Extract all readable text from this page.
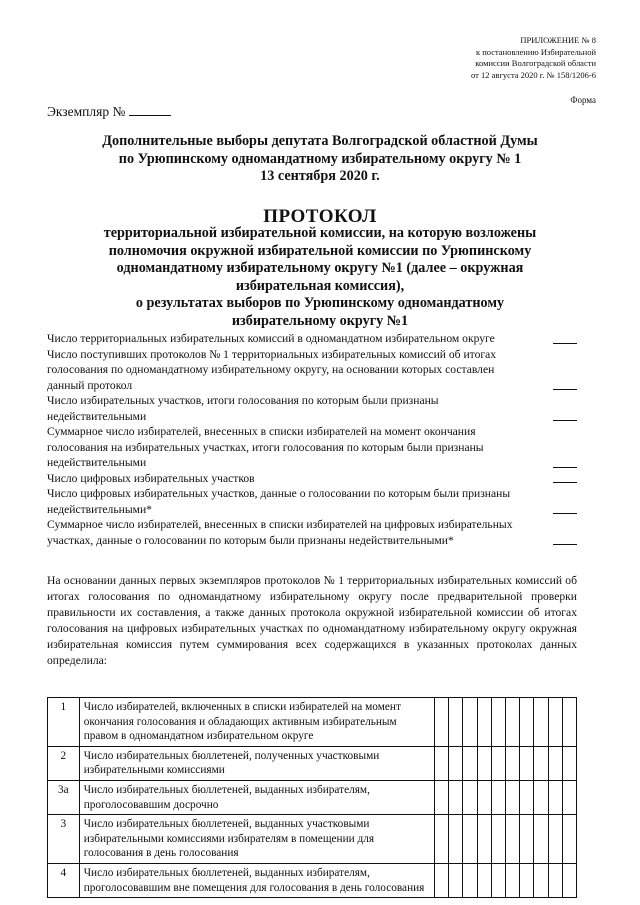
ПРИЛОЖЕНИЕ № 8
к постановлению Избирательной
комиссии Волгоградской области
от 12 августа 2020 г. № 158/1206-6
Форма
Экземпляр №
Дополнительные выборы депутата Волгоградской областной Думы
по Урюпинскому одномандатному избирательному округу № 1
13 сентября 2020 г.
ПРОТОКОЛ
территориальной избирательной комиссии, на которую возложены
полномочия окружной избирательной комиссии по Урюпинскому
одномандатному избирательному округу №1 (далее – окружная
избирательная комиссия),
о результатах выборов по Урюпинскому одномандатному
избирательному округу №1
Число территориальных избирательных комиссий в одномандатном избирательном округе
Число поступивших протоколов № 1 территориальных избирательных комиссий об итогах голосования по одномандатному избирательному округу, на основании которых составлен данный протокол
Число избирательных участков, итоги голосования по которым были признаны недействительными
Суммарное число избирателей, внесенных в списки избирателей на момент окончания голосования на избирательных участках, итоги голосования по которым были признаны недействительными
Число цифровых избирательных участков
Число цифровых избирательных участков, данные о голосовании по которым были признаны недействительными*
Суммарное число избирателей, внесенных в списки избирателей на цифровых избирательных участках, данные о голосовании по которым были признаны недействительными*
На основании данных первых экземпляров протоколов № 1 территориальных избирательных комиссий об итогах голосования по одномандатному избирательному округу после предварительной проверки правильности их составления, а также данных протокола окружной избирательной комиссии об итогах голосования на цифровых избирательных участках по одномандатному избирательному округу окружная избирательная комиссия путем суммирования всех содержащихся в указанных протоколах данных определила:
1	Число избирателей, включенных в списки избирателей на момент окончания голосования и обладающих активным избирательным правом в одномандатном избирательном округе										
2	Число избирательных бюллетеней, полученных участковыми избирательными комиссиями										
3а	Число избирательных бюллетеней, выданных избирателям, проголосовавшим досрочно										
3	Число избирательных бюллетеней, выданных участковыми избирательными комиссиями избирателям в помещении для голосования в день голосования										
4	Число избирательных бюллетеней, выданных избирателям, проголосовавшим вне помещения для голосования в день голосования										
